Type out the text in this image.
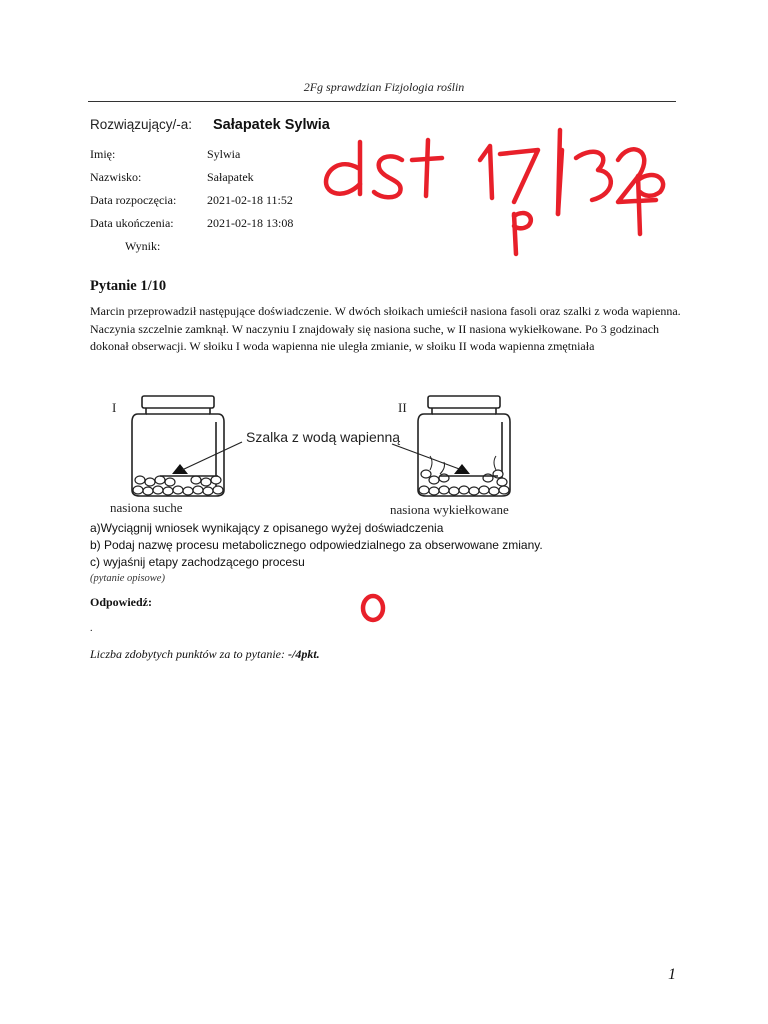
2Fg sprawdzian Fizjologia roślin
Rozwiązujący/-a: Sałapatek Sylwia
Imię:	Sylwia
Nazwisko:	Sałapatek
Data rozpoczęcia:	2021-02-18 11:52
Data ukończenia:	2021-02-18 13:08
Wynik:
Pytanie 1/10
Marcin przeprowadził następujące doświadczenie. W dwóch słoikach umieścił nasiona fasoli oraz szalki z woda wapienna. Naczynia szczelnie zamknął. W naczyniu I znajdowały się nasiona suche, w II nasiona wykiełkowane. Po 3 godzinach dokonał obserwacji. W słoiku I woda wapienna nie uległa zmianie, w słoiku II woda wapienna zmętniała
I	II
Szalka z wodą wapienną
nasiona suche	nasiona wykiełkowane
a)Wyciągnij wniosek wynikający z opisanego wyżej doświadczenia
b) Podaj nazwę procesu metabolicznego odpowiedzialnego za obserwowane zmiany.
c) wyjaśnij etapy zachodzącego procesu
(pytanie opisowe)
Odpowiedź:
.
Liczba zdobytych punktów za to pytanie: -/4pkt.
1
